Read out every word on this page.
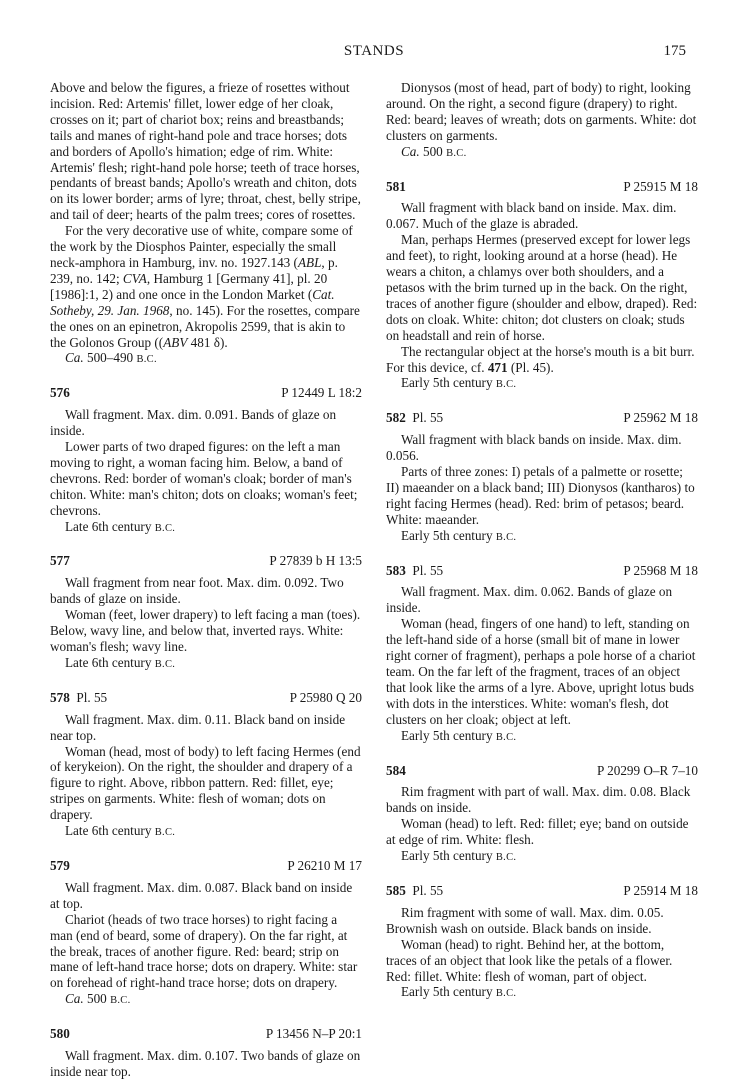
STANDS	175

Above and below the figures, a frieze of rosettes without incision. Red: Artemis' fillet, lower edge of her cloak, crosses on it; part of chariot box; reins and breastbands; tails and manes of right-hand pole and trace horses; dots and borders of Apollo's himation; edge of rim. White: Artemis' flesh; right-hand pole horse; teeth of trace horses, pendants of breast bands; Apollo's wreath and chiton, dots on its lower border; arms of lyre; throat, chest, belly stripe, and tail of deer; hearts of the palm trees; cores of rosettes.

For the very decorative use of white, compare some of the work by the Diosphos Painter, especially the small neck-amphora in Hamburg, inv. no. 1927.143 (ABL, p. 239, no. 142; CVA, Hamburg 1 [Germany 41], pl. 20 [1986]:1, 2) and one once in the London Market (Cat. Sotheby, 29. Jan. 1968, no. 145). For the rosettes, compare the ones on an epinetron, Akropolis 2599, that is akin to the Golonos Group ((ABV 481 δ).

Ca. 500–490 B.C.

576	P 12449 L 18:2

Wall fragment. Max. dim. 0.091. Bands of glaze on inside.

Lower parts of two draped figures: on the left a man moving to right, a woman facing him. Below, a band of chevrons. Red: border of woman's cloak; border of man's chiton. White: man's chiton; dots on cloaks; woman's feet; chevrons.

Late 6th century B.C.

577	P 27839 b H 13:5

Wall fragment from near foot. Max. dim. 0.092. Two bands of glaze on inside.

Woman (feet, lower drapery) to left facing a man (toes). Below, wavy line, and below that, inverted rays. White: woman's flesh; wavy line.

Late 6th century B.C.

578 Pl. 55	P 25980 Q 20

Wall fragment. Max. dim. 0.11. Black band on inside near top.

Woman (head, most of body) to left facing Hermes (end of kerykeion). On the right, the shoulder and drapery of a figure to right. Above, ribbon pattern. Red: fillet, eye; stripes on garments. White: flesh of woman; dots on drapery.

Late 6th century B.C.

579	P 26210 M 17

Wall fragment. Max. dim. 0.087. Black band on inside at top.

Chariot (heads of two trace horses) to right facing a man (end of beard, some of drapery). On the far right, at the break, traces of another figure. Red: beard; strip on mane of left-hand trace horse; dots on drapery. White: star on forehead of right-hand trace horse; dots on drapery.

Ca. 500 B.C.

580	P 13456 N–P 20:1

Wall fragment. Max. dim. 0.107. Two bands of glaze on inside near top.

Dionysos (most of head, part of body) to right, looking around. On the right, a second figure (drapery) to right. Red: beard; leaves of wreath; dots on garments. White: dot clusters on garments.

Ca. 500 B.C.

581	P 25915 M 18

Wall fragment with black band on inside. Max. dim. 0.067. Much of the glaze is abraded.

Man, perhaps Hermes (preserved except for lower legs and feet), to right, looking around at a horse (head). He wears a chiton, a chlamys over both shoulders, and a petasos with the brim turned up in the back. On the right, traces of another figure (shoulder and elbow, draped). Red: dots on cloak. White: chiton; dot clusters on cloak; studs on headstall and rein of horse.

The rectangular object at the horse's mouth is a bit burr. For this device, cf. 471 (Pl. 45).

Early 5th century B.C.

582 Pl. 55	P 25962 M 18

Wall fragment with black bands on inside. Max. dim. 0.056.

Parts of three zones: I) petals of a palmette or rosette; II) maeander on a black band; III) Dionysos (kantharos) to right facing Hermes (head). Red: brim of petasos; beard. White: maeander.

Early 5th century B.C.

583 Pl. 55	P 25968 M 18

Wall fragment. Max. dim. 0.062. Bands of glaze on inside.

Woman (head, fingers of one hand) to left, standing on the left-hand side of a horse (small bit of mane in lower right corner of fragment), perhaps a pole horse of a chariot team. On the far left of the fragment, traces of an object that look like the arms of a lyre. Above, upright lotus buds with dots in the interstices. White: woman's flesh, dot clusters on her cloak; object at left.

Early 5th century B.C.

584	P 20299 O–R 7–10

Rim fragment with part of wall. Max. dim. 0.08. Black bands on inside.

Woman (head) to left. Red: fillet; eye; band on outside at edge of rim. White: flesh.

Early 5th century B.C.

585 Pl. 55	P 25914 M 18

Rim fragment with some of wall. Max. dim. 0.05. Brownish wash on outside. Black bands on inside.

Woman (head) to right. Behind her, at the bottom, traces of an object that look like the petals of a flower. Red: fillet. White: flesh of woman, part of object.

Early 5th century B.C.
